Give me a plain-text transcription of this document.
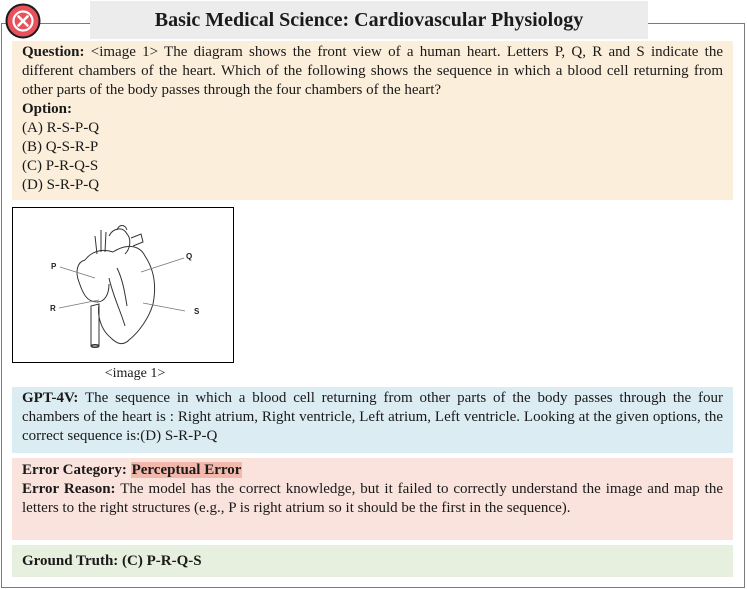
Basic Medical Science: Cardiovascular Physiology
Question: <image 1> The diagram shows the front view of a human heart. Letters P, Q, R and S indicate the different chambers of the heart. Which of the following shows the sequence in which a blood cell returning from other parts of the body passes through the four chambers of the heart?
Option:
(A) R-S-P-Q
(B) Q-S-R-P
(C) P-R-Q-S
(D) S-R-P-Q
P
Q
R	S
<image 1>
GPT-4V: The sequence in which a blood cell returning from other parts of the body passes through the four chambers of the heart is : Right atrium, Right ventricle, Left atrium, Left ventricle. Looking at the given options, the correct sequence is:(D) S-R-P-Q
Error Category: Perceptual Error
Error Reason: The model has the correct knowledge, but it failed to correctly understand the image and map the letters to the right structures (e.g., P is right atrium so it should be the first in the sequence).
Ground Truth:
(C) P-R-Q-S
